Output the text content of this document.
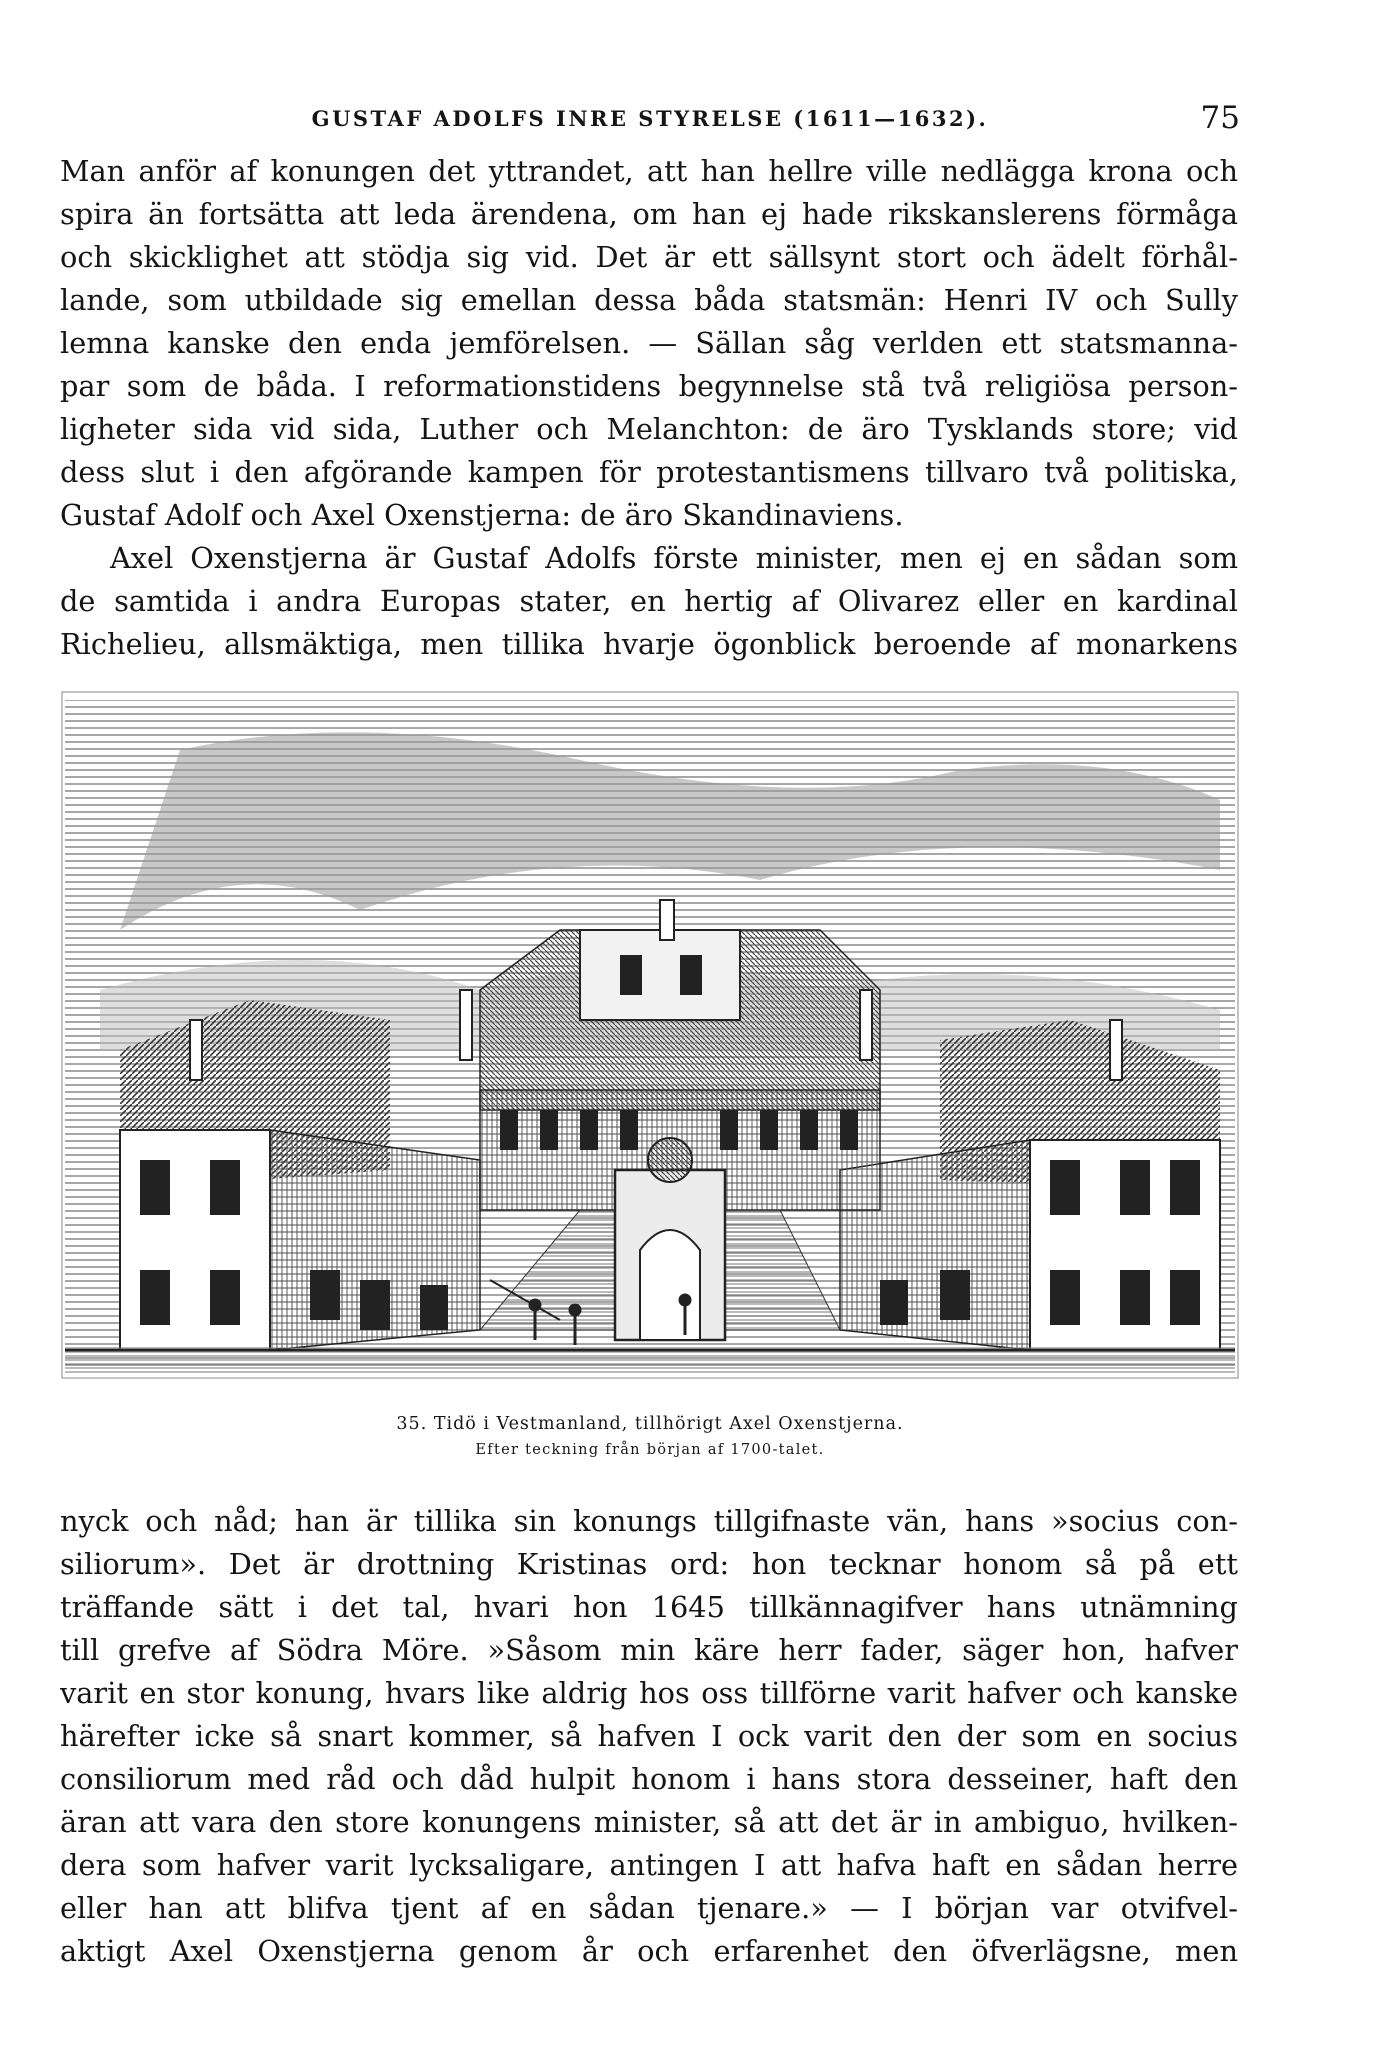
GUSTAF ADOLFS INRE STYRELSE (1611—1632).	75
Man anför af konungen det yttrandet, att han hellre ville nedlägga krona och
spira än fortsätta att leda ärendena, om han ej hade rikskanslerens förmåga
och skicklighet att stödja sig vid. Det är ett sällsynt stort och ädelt förhål-
lande, som utbildade sig emellan dessa båda statsmän: Henri IV och Sully
lemna kanske den enda jemförelsen. — Sällan såg verlden ett statsmanna-
par som de båda. I reformationstidens begynnelse stå två religiösa person-
ligheter sida vid sida, Luther och Melanchton: de äro Tysklands store; vid
dess slut i den afgörande kampen för protestantismens tillvaro två politiska,
Gustaf Adolf och Axel Oxenstjerna: de äro Skandinaviens.
Axel Oxenstjerna är Gustaf Adolfs förste minister, men ej en sådan som
de samtida i andra Europas stater, en hertig af Olivarez eller en kardinal
Richelieu, allsmäktiga, men tillika hvarje ögonblick beroende af monarkens
35. Tidö i Vestmanland, tillhörigt Axel Oxenstjerna.
Efter teckning från början af 1700-talet.
nyck och nåd; han är tillika sin konungs tillgifnaste vän, hans »socius con-
siliorum». Det är drottning Kristinas ord: hon tecknar honom så på ett
träffande sätt i det tal, hvari hon 1645 tillkännagifver hans utnämning
till grefve af Södra Möre. »Såsom min käre herr fader, säger hon, hafver
varit en stor konung, hvars like aldrig hos oss tillförne varit hafver och kanske
härefter icke så snart kommer, så hafven I ock varit den der som en socius
consiliorum med råd och dåd hulpit honom i hans stora desseiner, haft den
äran att vara den store konungens minister, så att det är in ambiguo, hvilken-
dera som hafver varit lycksaligare, antingen I att hafva haft en sådan herre
eller han att blifva tjent af en sådan tjenare.» — I början var otvifvel-
aktigt Axel Oxenstjerna genom år och erfarenhet den öfverlägsne, men
